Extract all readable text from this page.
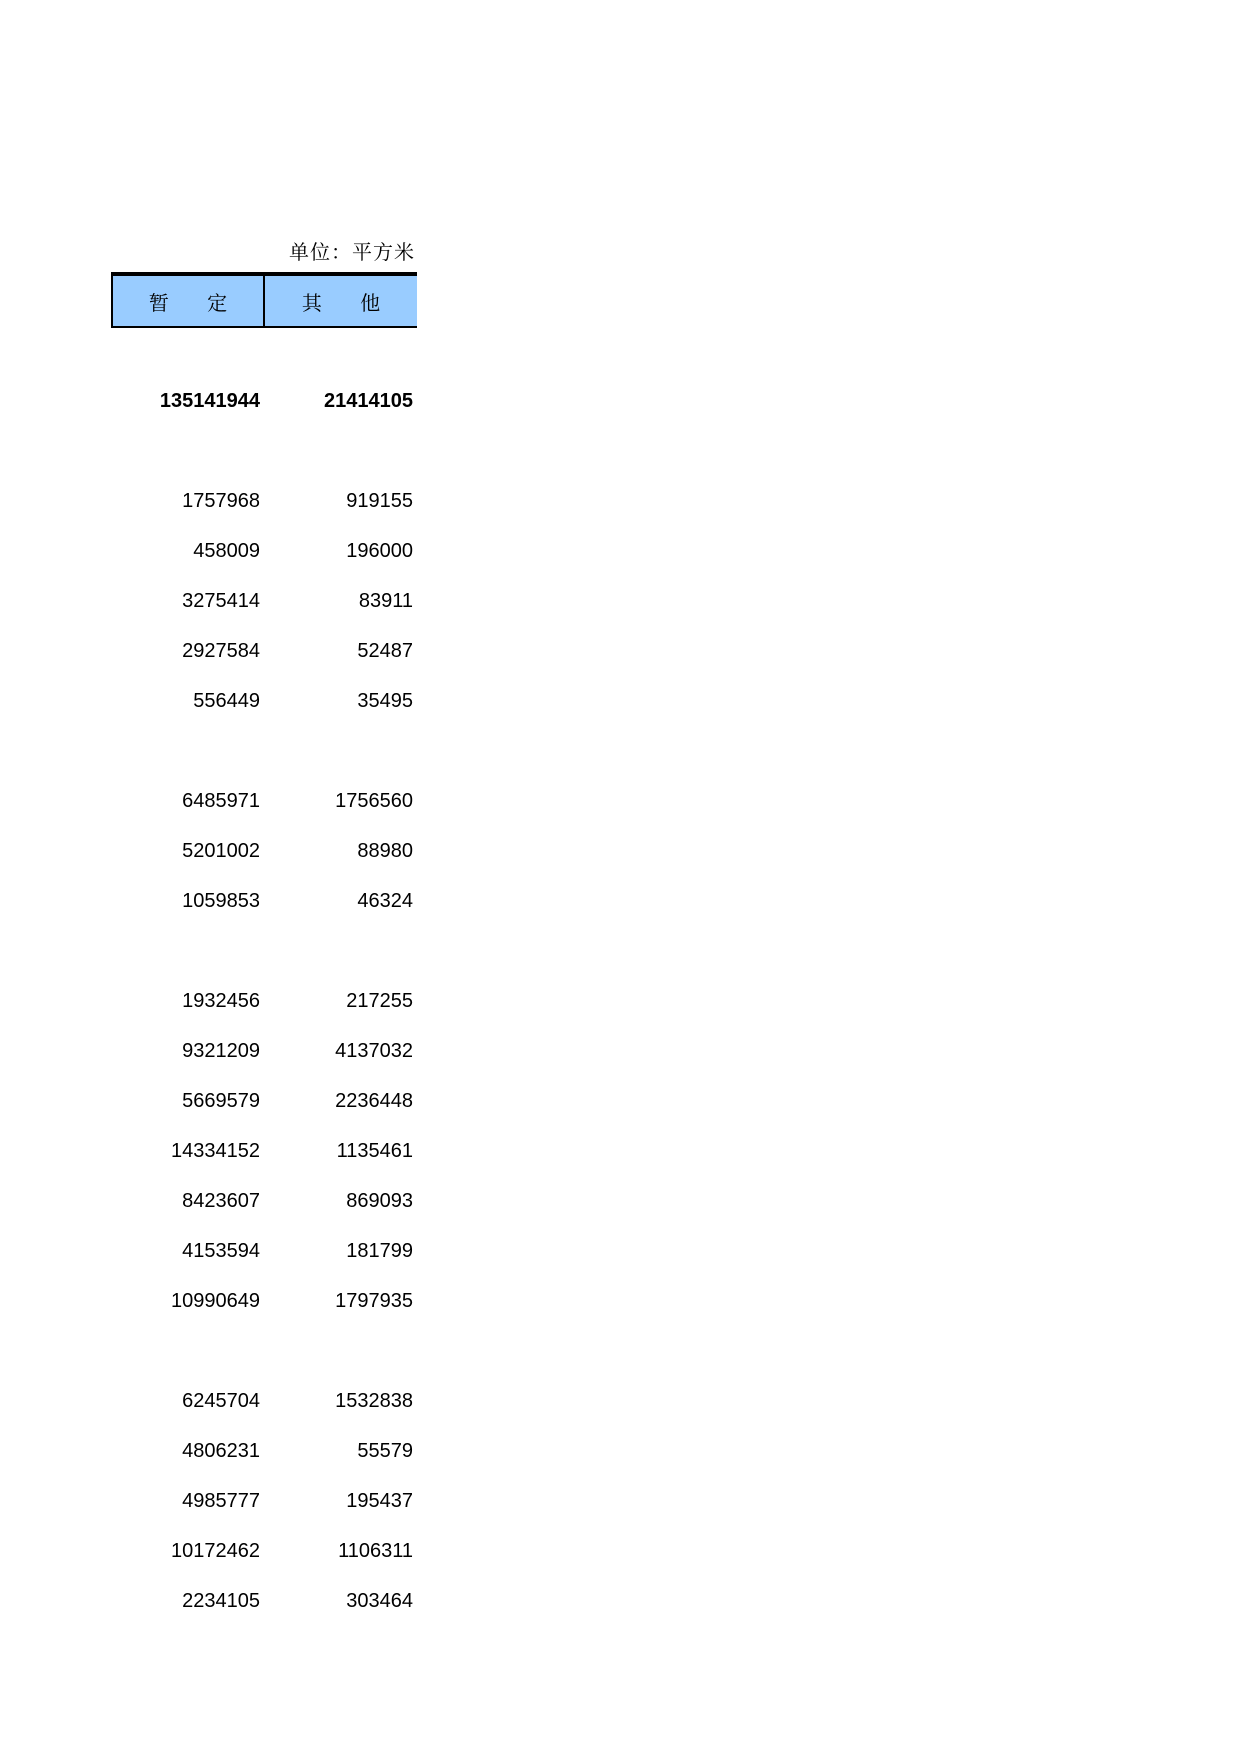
单位：平方米
暂 定	其 他
135141944	21414105
1757968	919155
458009	196000
3275414	83911
2927584	52487
556449	35495
6485971	1756560
5201002	88980
1059853	46324
1932456	217255
9321209	4137032
5669579	2236448
14334152	1135461
8423607	869093
4153594	181799
10990649	1797935
6245704	1532838
4806231	55579
4985777	195437
10172462	1106311
2234105	303464
